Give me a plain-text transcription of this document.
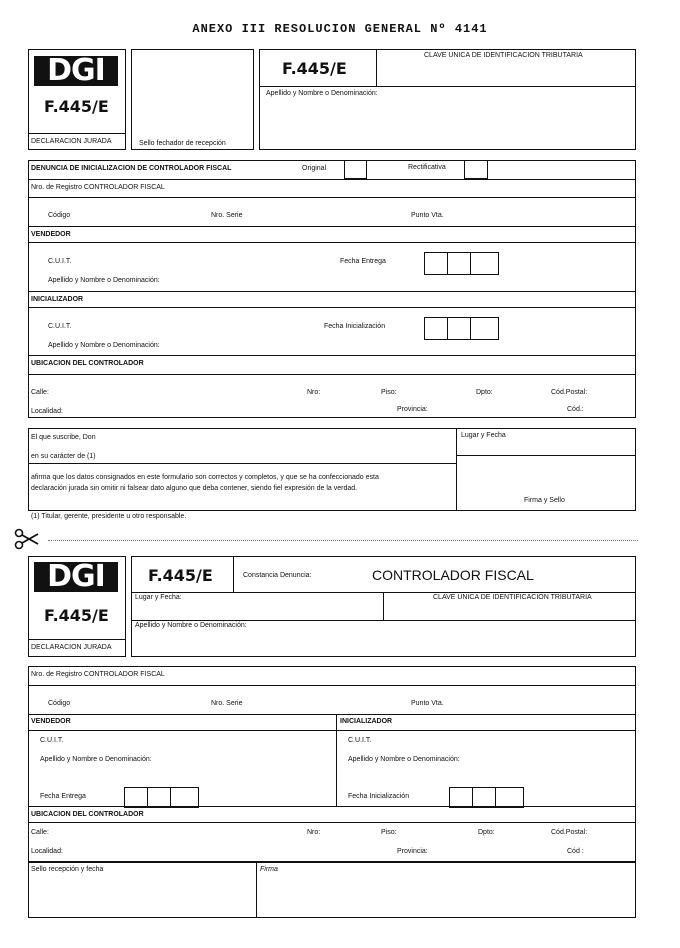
ANEXO III RESOLUCION GENERAL Nº 4141
DGI
F.445/E
DECLARACION JURADA	Sello fechador de recepción
F.445/E
CLAVE UNICA DE IDENTIFICACION TRIBUTARIA
Apellido y Nombre o Denominación:
DENUNCIA DE INICIALIZACION DE CONTROLADOR FISCAL	Original	Rectificativa
Nro. de Registro CONTROLADOR FISCAL
Código	Nro. Serie	Punto Vta.
VENDEDOR
C.U.I.T.	Fecha Entrega
Apellido y Nombre o Denominación:
INICIALIZADOR
C.U.I.T.	Fecha Inicialización
Apellido y Nombre o Denominación:
UBICACION DEL CONTROLADOR
Calle:	Nro:	Piso:	Dpto:	Cód.Postal:
Localidad:	Provincia:	Cód.:
El que suscribe, Don
en su carácter de (1)
afirma que los datos consignados en este formulario son correctos y completos, y que se ha confeccionado esta
declaración jurada sin omitir ni falsear dato alguno que deba contener, siendo fiel expresión de la verdad.
Lugar y Fecha
Firma y Sello
(1) Titular, gerente, presidente u otro responsable.
DGI
F.445/E
DECLARACION JURADA
F.445/E	Constancia Denuncia:	CONTROLADOR FISCAL
Lugar y Fecha:	CLAVE UNICA DE IDENTIFICACION TRIBUTARIA
Apellido y Nombre o Denominación:
Nro. de Registro CONTROLADOR FISCAL
Código	Nro. Serie	Punto Vta.
VENDEDOR	INICIALIZADOR
C.U.I.T.	C.U.I.T.
Apellido y Nombre o Denominación:	Apellido y Nombre o Denominación:
Fecha Entrega	Fecha Inicialización
UBICACION DEL CONTROLADOR
Calle:	Nro:	Piso:	Dpto:	Cód.Postal:
Localidad:	Provincia:	Cód :
Sello recepción y fecha	Firma
